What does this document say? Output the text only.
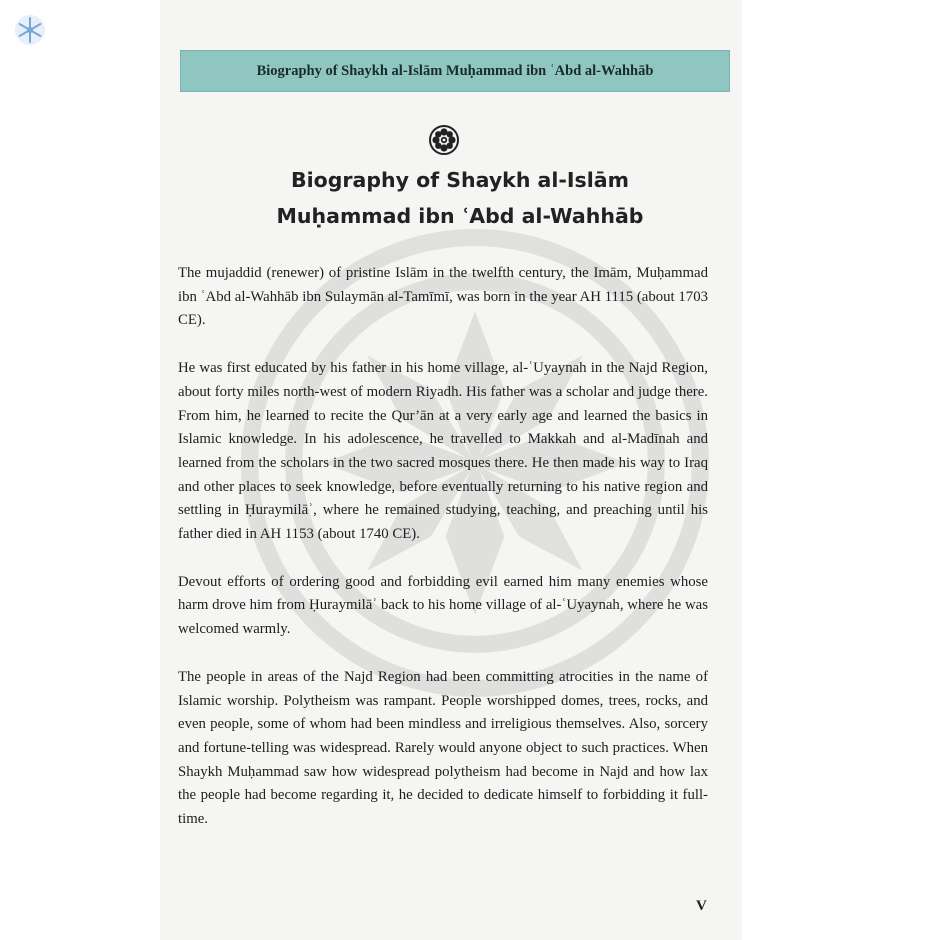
Biography of Shaykh al-Islām Muḥammad ibn ʿAbd al-Wahhāb
Biography of Shaykh al-Islām
Muḥammad ibn ʿAbd al-Wahhāb

The mujaddid (renewer) of pristine Islām in the twelfth century, the Imām, Muḥammad ibn ʿAbd al-Wahhāb ibn Sulaymān al-Tamīmī, was born in the year AH 1115 (about 1703 CE).

He was first educated by his father in his home village, al-ʿUyaynah in the Najd Region, about forty miles north-west of modern Riyadh. His father was a scholar and judge there. From him, he learned to recite the Qur’ān at a very early age and learned the basics in Islamic knowledge. In his adolescence, he travelled to Makkah and al-Madīnah and learned from the scholars in the two sacred mosques there. He then made his way to Iraq and other places to seek knowledge, before eventually returning to his native region and settling in Ḥuraymilāʾ, where he remained studying, teaching, and preaching until his father died in AH 1153 (about 1740 CE).

Devout efforts of ordering good and forbidding evil earned him many enemies whose harm drove him from Ḥuraymilāʾ back to his home village of al-ʿUyaynah, where he was welcomed warmly.

The people in areas of the Najd Region had been committing atrocities in the name of Islamic worship. Polytheism was rampant. People worshipped domes, trees, rocks, and even people, some of whom had been mindless and irreligious themselves. Also, sorcery and fortune-telling was widespread. Rarely would anyone object to such practices. When Shaykh Muḥammad saw how widespread polytheism had become in Najd and how lax the people had become regarding it, he decided to dedicate himself to forbidding it full-time.

V
